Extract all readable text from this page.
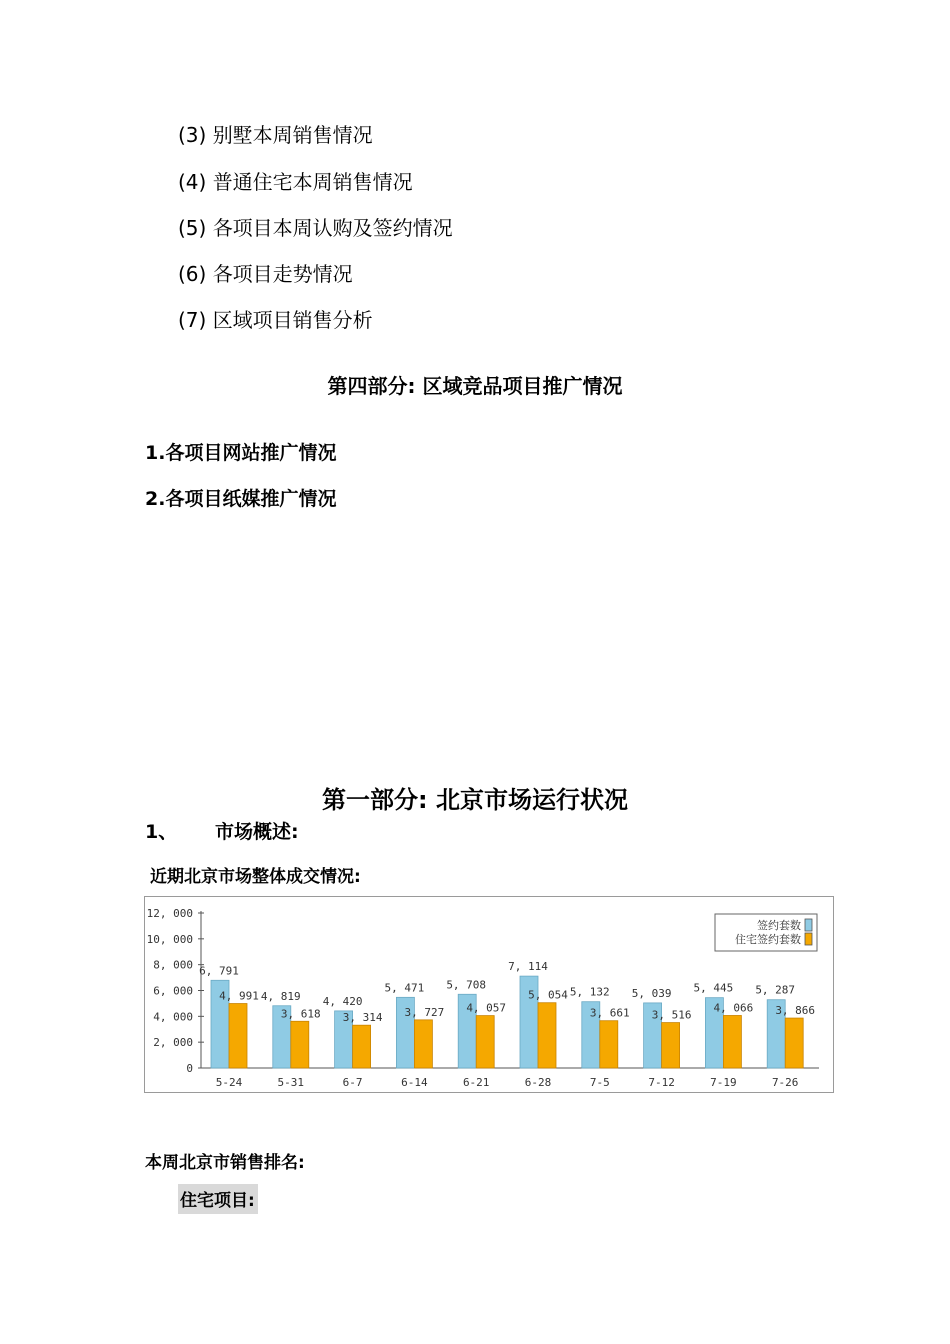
(3) 别墅本周销售情况
(4) 普通住宅本周销售情况
(5) 各项目本周认购及签约情况
(6) 各项目走势情况
(7) 区域项目销售分析
第四部分: 区域竞品项目推广情况
1.各项目网站推广情况
2.各项目纸媒推广情况
第一部分: 北京市场运行状况
1、 市场概述:
近期北京市场整体成交情况:
12, 000
10, 000
8, 000
6, 000
4, 000
2, 000
0
6, 791
4, 991
5-24
4, 819
3, 618
5-31
4, 420
3, 314
6-7
5, 471
3, 727
6-14
5, 708
4, 057
6-21
7, 114
5, 054
6-28
5, 132
3, 661
7-5
5, 039
3, 516
7-12
5, 445
4, 066
7-19
5, 287
3, 866
7-26
签约套数
住宅签约套数
本周北京市销售排名:
住宅项目:
